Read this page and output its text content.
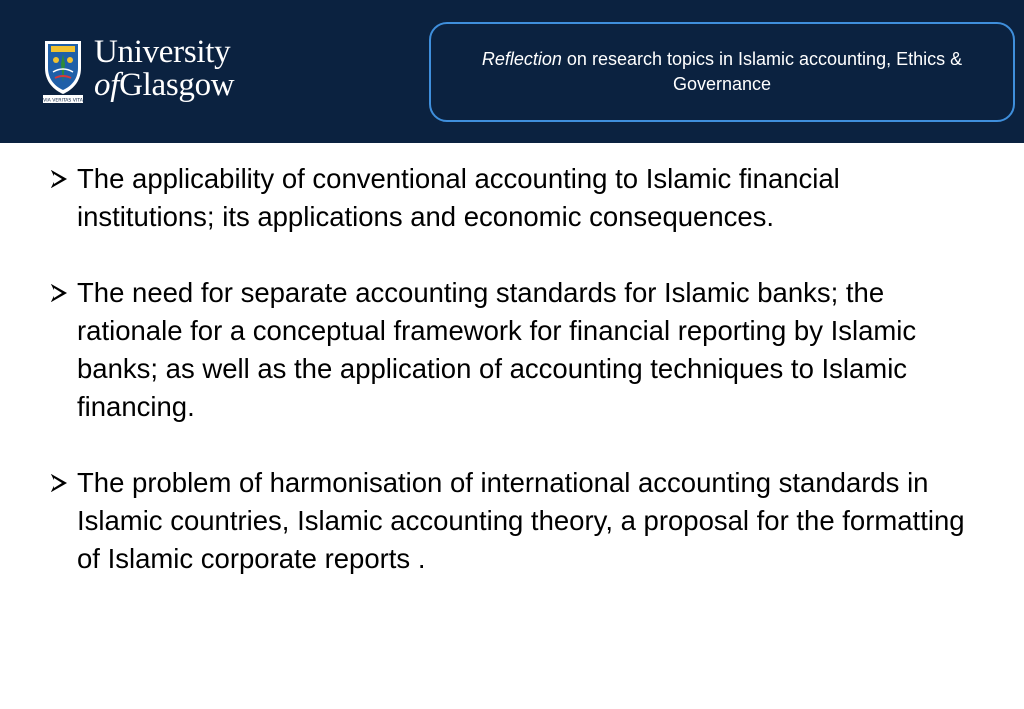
VIA VERITAS VITA
University
ofGlasgow
Reflection on research topics in Islamic accounting, Ethics & Governance
The applicability of conventional accounting to Islamic financial institutions; its applications and economic consequences.
The need for separate accounting standards for Islamic banks; the rationale for a conceptual framework for financial reporting by Islamic banks; as well as the application of accounting techniques to Islamic financing.
The problem of harmonisation of international accounting standards in Islamic countries, Islamic accounting theory, a proposal for the formatting of Islamic corporate reports .
